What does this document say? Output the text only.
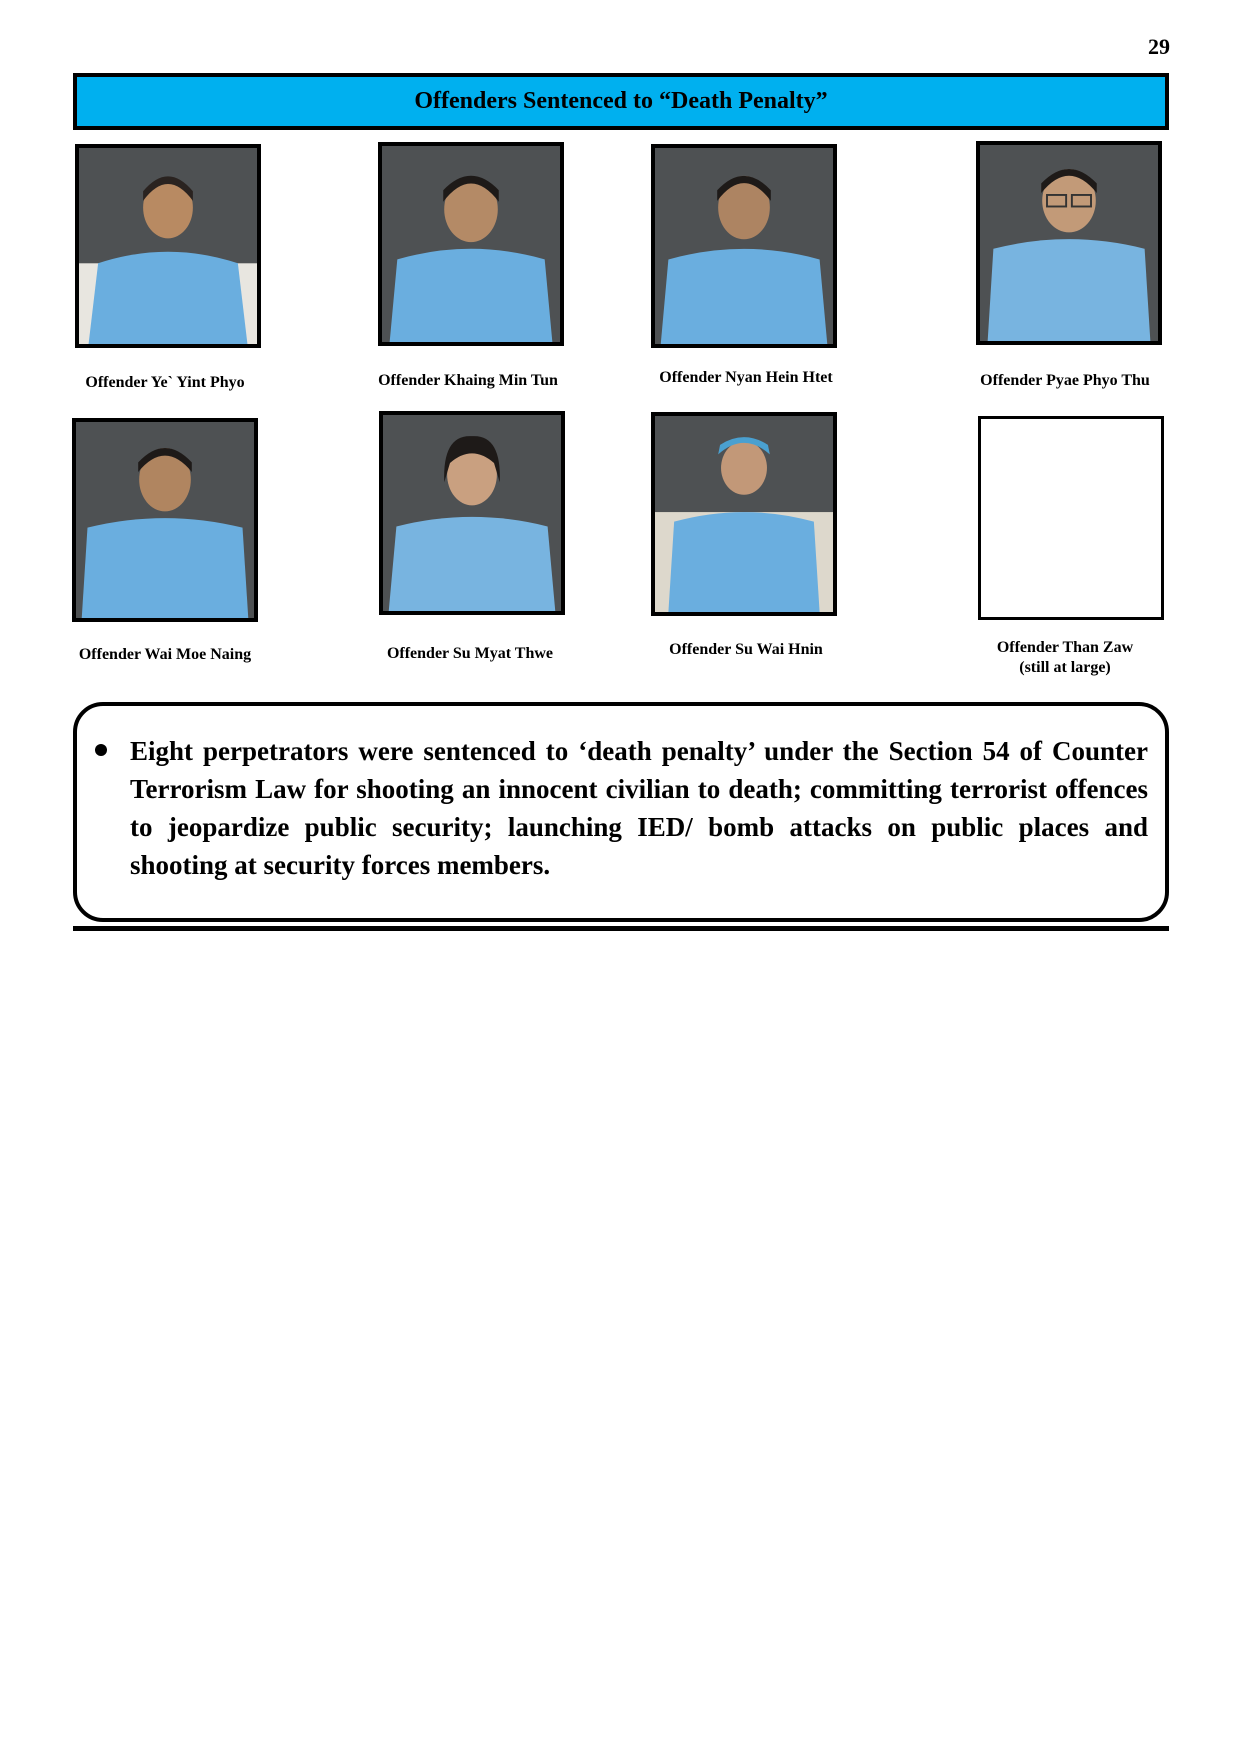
29
Offenders Sentenced to “Death Penalty”
Offender Ye` Yint Phyo	Offender Khaing Min Tun	Offender Nyan Hein Htet	Offender Pyae Phyo Thu
Offender Wai Moe Naing	Offender Su Myat Thwe	Offender Su Wai Hnin	Offender Than Zaw
(still at large)
Eight perpetrators were sentenced to ‘death penalty’ under the Section 54 of Counter Terrorism Law for shooting an innocent civilian to death; committing terrorist offences to jeopardize public security; launching IED/ bomb attacks on public places and shooting at security forces members.
